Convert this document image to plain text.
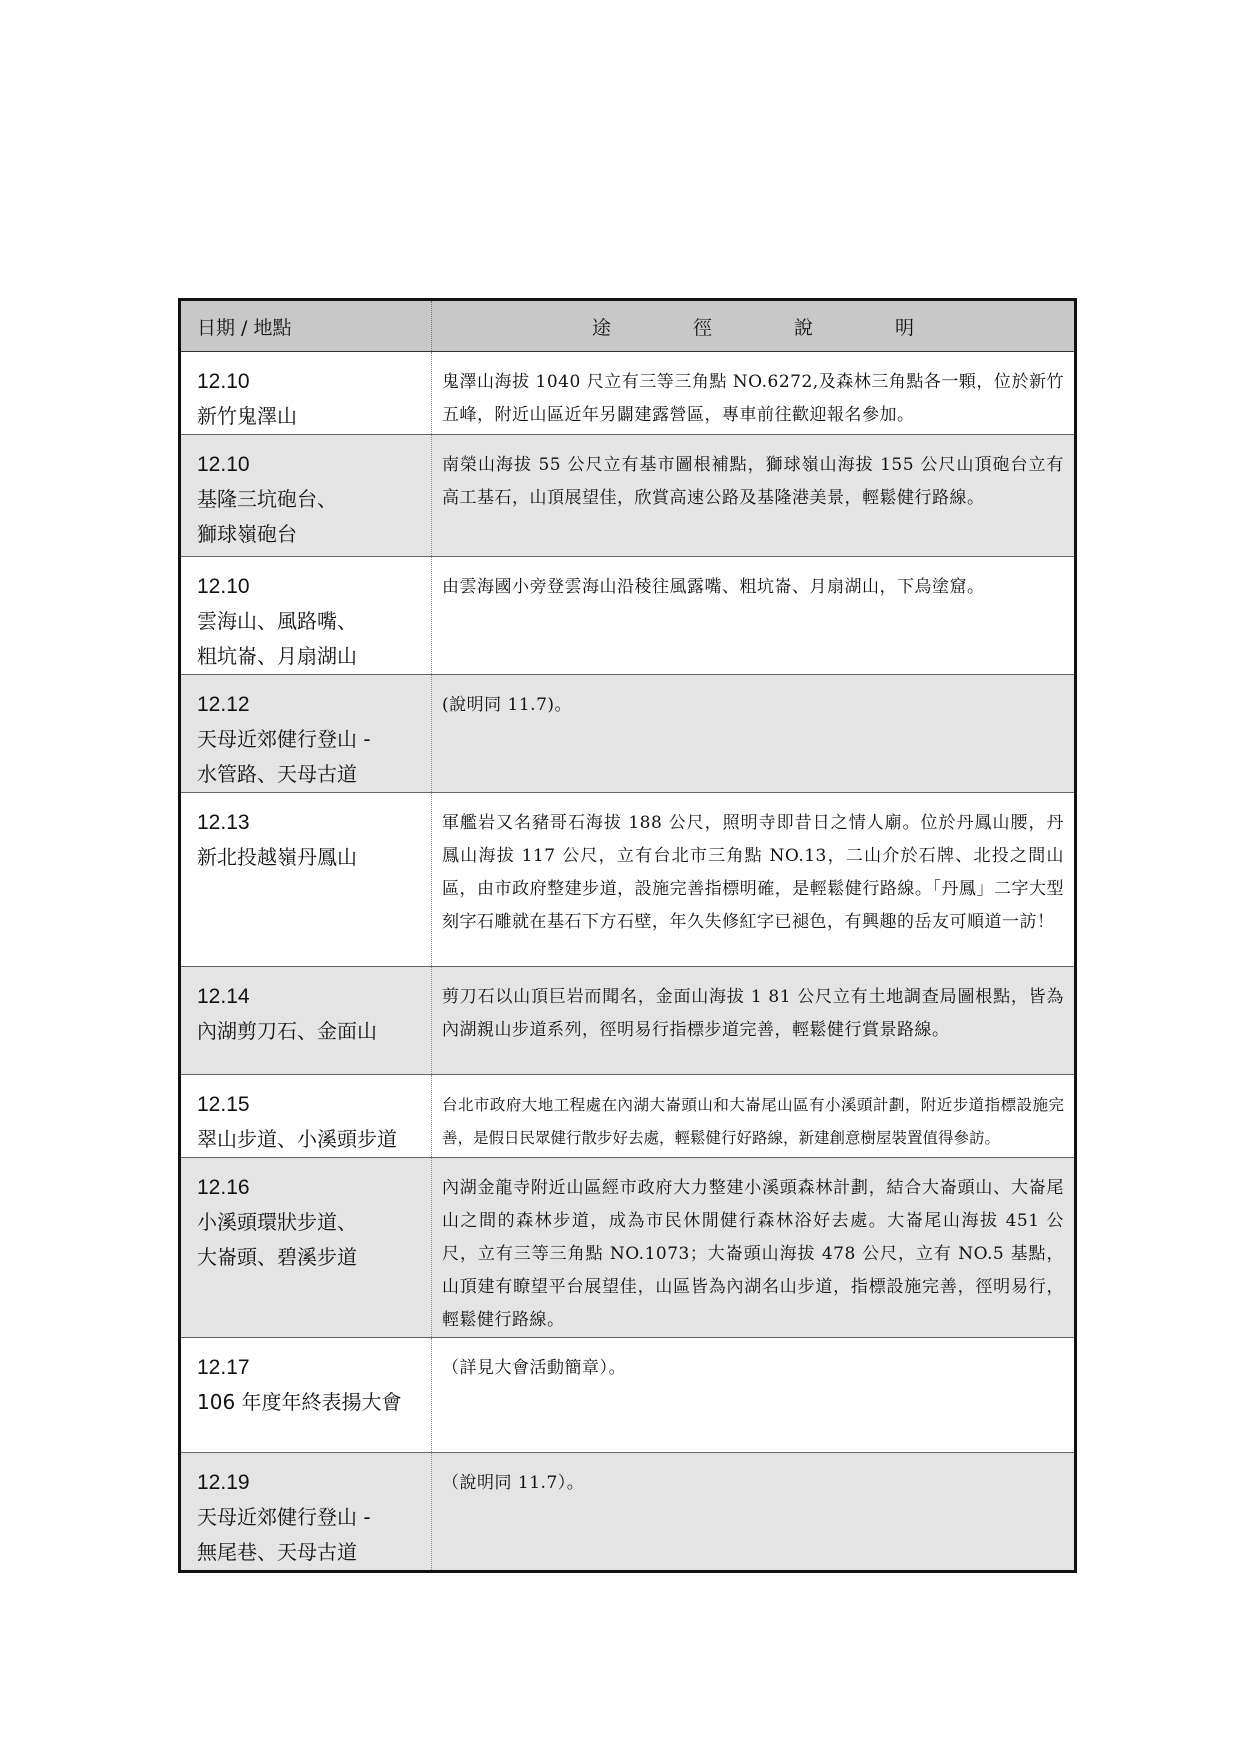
日期 / 地點	途 徑 說 明

12.10
新竹鬼澤山	鬼澤山海拔 1040 尺立有三等三角點 NO.6272,及森林三角點各一顆，位於新竹五峰，附近山區近年另闢建露營區，專車前往歡迎報名參加。

12.10
基隆三坑砲台、
獅球嶺砲台	南榮山海拔 55 公尺立有基市圖根補點，獅球嶺山海拔 155 公尺山頂砲台立有高工基石，山頂展望佳，欣賞高速公路及基隆港美景，輕鬆健行路線。

12.10
雲海山、風路嘴、
粗坑崙、月扇湖山	由雲海國小旁登雲海山沿稜往風露嘴、粗坑崙、月扇湖山，下烏塗窟。

12.12
天母近郊健行登山 -
水管路、天母古道	(說明同 11.7)。

12.13
新北投越嶺丹鳳山	軍艦岩又名豬哥石海拔 188 公尺，照明寺即昔日之情人廟。位於丹鳳山腰，丹鳳山海拔 117 公尺，立有台北市三角點 NO.13，二山介於石牌、北投之間山區，由市政府整建步道，設施完善指標明確，是輕鬆健行路線。「丹鳳」二字大型刻字石雕就在基石下方石壁，年久失修紅字已褪色，有興趣的岳友可順道一訪！

12.14
內湖剪刀石、金面山	剪刀石以山頂巨岩而聞名，金面山海拔 1 81 公尺立有土地調查局圖根點，皆為內湖親山步道系列，徑明易行指標步道完善，輕鬆健行賞景路線。

12.15
翠山步道、小溪頭步道	台北市政府大地工程處在內湖大崙頭山和大崙尾山區有小溪頭計劃，附近步道指標設施完善，是假日民眾健行散步好去處，輕鬆健行好路線，新建創意樹屋裝置值得參訪。

12.16
小溪頭環狀步道、
大崙頭、碧溪步道	內湖金龍寺附近山區經市政府大力整建小溪頭森林計劃，結合大崙頭山、大崙尾山之間的森林步道，成為市民休閒健行森林浴好去處。大崙尾山海拔 451 公尺，立有三等三角點 NO.1073；大崙頭山海拔 478 公尺，立有 NO.5 基點，山頂建有瞭望平台展望佳，山區皆為內湖名山步道，指標設施完善，徑明易行，輕鬆健行路線。

12.17
106 年度年終表揚大會	（詳見大會活動簡章）。

12.19
天母近郊健行登山 -
無尾巷、天母古道	（說明同 11.7）。
